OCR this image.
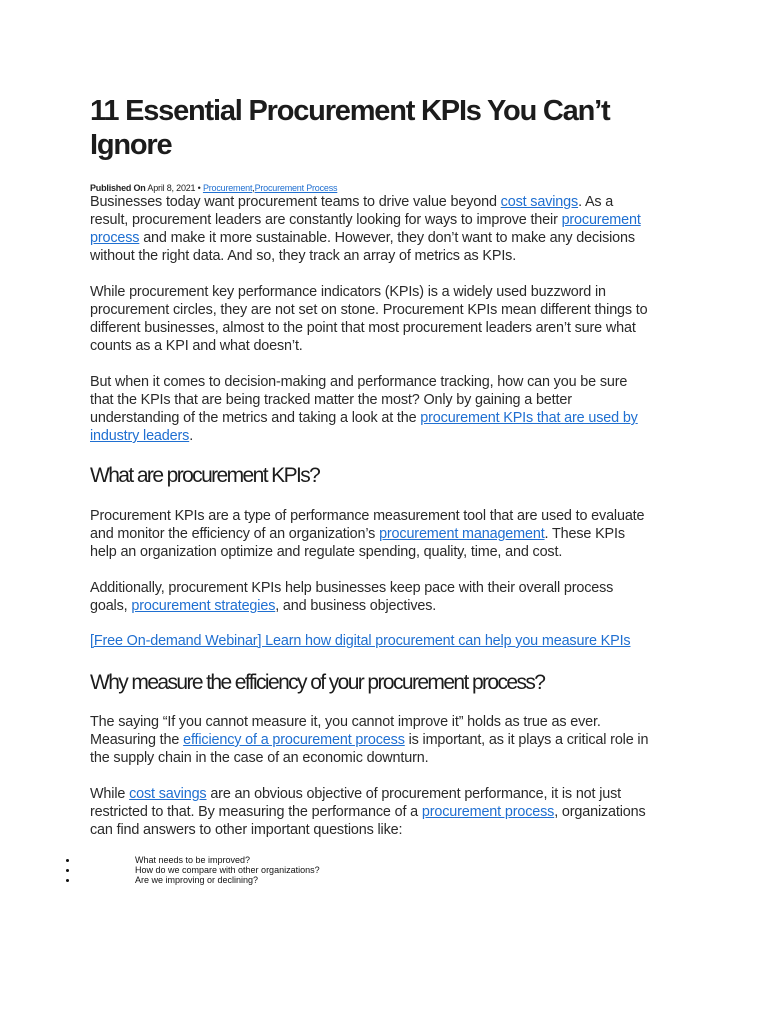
11 Essential Procurement KPIs You Can’t Ignore
Published On April 8, 2021 • Procurement,Procurement Process

Businesses today want procurement teams to drive value beyond cost savings. As a
result, procurement leaders are constantly looking for ways to improve their procurement
process and make it more sustainable. However, they don’t want to make any decisions
without the right data. And so, they track an array of metrics as KPIs.

While procurement key performance indicators (KPIs) is a widely used buzzword in
procurement circles, they are not set on stone. Procurement KPIs mean different things to
different businesses, almost to the point that most procurement leaders aren’t sure what
counts as a KPI and what doesn’t.

But when it comes to decision-making and performance tracking, how can you be sure
that the KPIs that are being tracked matter the most? Only by gaining a better
understanding of the metrics and taking a look at the procurement KPIs that are used by
industry leaders.

What are procurement KPIs?

Procurement KPIs are a type of performance measurement tool that are used to evaluate
and monitor the efficiency of an organization’s procurement management. These KPIs
help an organization optimize and regulate spending, quality, time, and cost.

Additionally, procurement KPIs help businesses keep pace with their overall process
goals, procurement strategies, and business objectives.

[Free On-demand Webinar] Learn how digital procurement can help you measure KPIs

Why measure the efficiency of your procurement process?

The saying “If you cannot measure it, you cannot improve it” holds as true as ever.
Measuring the efficiency of a procurement process is important, as it plays a critical role in
the supply chain in the case of an economic downturn.

While cost savings are an obvious objective of procurement performance, it is not just
restricted to that. By measuring the performance of a procurement process, organizations
can find answers to other important questions like:

What needs to be improved?
How do we compare with other organizations?
Are we improving or declining?
